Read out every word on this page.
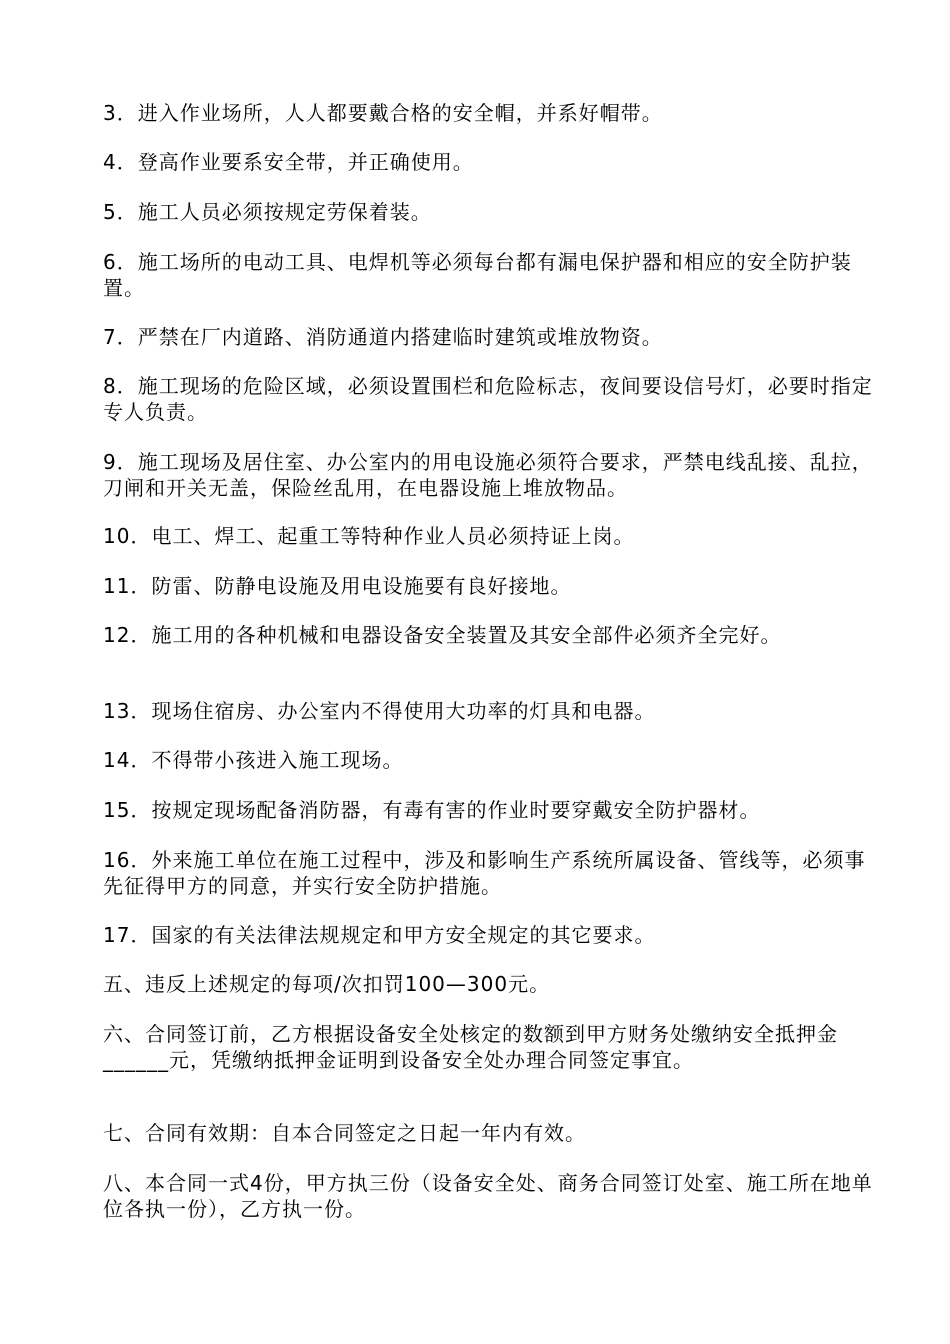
3．进入作业场所，人人都要戴合格的安全帽，并系好帽带。

4．登高作业要系安全带，并正确使用。

5．施工人员必须按规定劳保着装。

6．施工场所的电动工具、电焊机等必须每台都有漏电保护器和相应的安全防护装置。

7．严禁在厂内道路、消防通道内搭建临时建筑或堆放物资。

8．施工现场的危险区域，必须设置围栏和危险标志，夜间要设信号灯，必要时指定专人负责。

9．施工现场及居住室、办公室内的用电设施必须符合要求，严禁电线乱接、乱拉，刀闸和开关无盖，保险丝乱用，在电器设施上堆放物品。

10．电工、焊工、起重工等特种作业人员必须持证上岗。

11．防雷、防静电设施及用电设施要有良好接地。

12．施工用的各种机械和电器设备安全装置及其安全部件必须齐全完好。

13．现场住宿房、办公室内不得使用大功率的灯具和电器。

14．不得带小孩进入施工现场。

15．按规定现场配备消防器，有毒有害的作业时要穿戴安全防护器材。

16．外来施工单位在施工过程中，涉及和影响生产系统所属设备、管线等，必须事先征得甲方的同意，并实行安全防护措施。

17．国家的有关法律法规规定和甲方安全规定的其它要求。

五、违反上述规定的每项/次扣罚100—300元。

六、合同签订前，乙方根据设备安全处核定的数额到甲方财务处缴纳安全抵押金______元，凭缴纳抵押金证明到设备安全处办理合同签定事宜。

七、合同有效期：自本合同签定之日起一年内有效。

八、本合同一式4份，甲方执三份（设备安全处、商务合同签订处室、施工所在地单位各执一份），乙方执一份。
